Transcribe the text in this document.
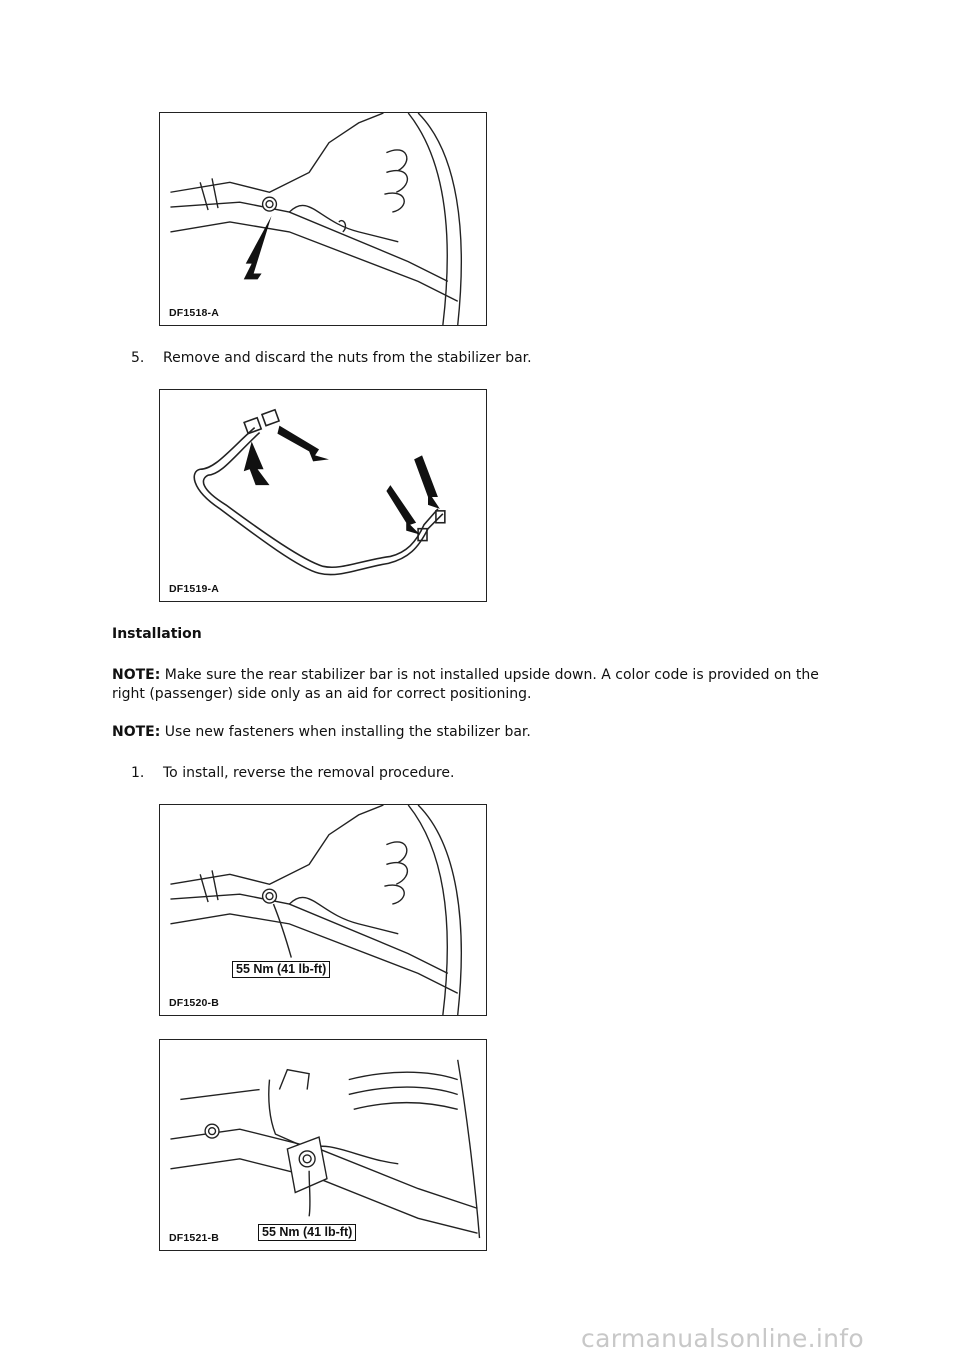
DF1518-A
5. Remove and discard the nuts from the stabilizer bar.
DF1519-A
Installation
NOTE: Make sure the rear stabilizer bar is not installed upside down. A color code is provided on the right (passenger) side only as an aid for correct positioning.
NOTE: Use new fasteners when installing the stabilizer bar.
1. To install, reverse the removal procedure.
55 Nm (41 lb-ft)
DF1520-B
55 Nm (41 lb-ft)
DF1521-B
carmanualsonline.info
